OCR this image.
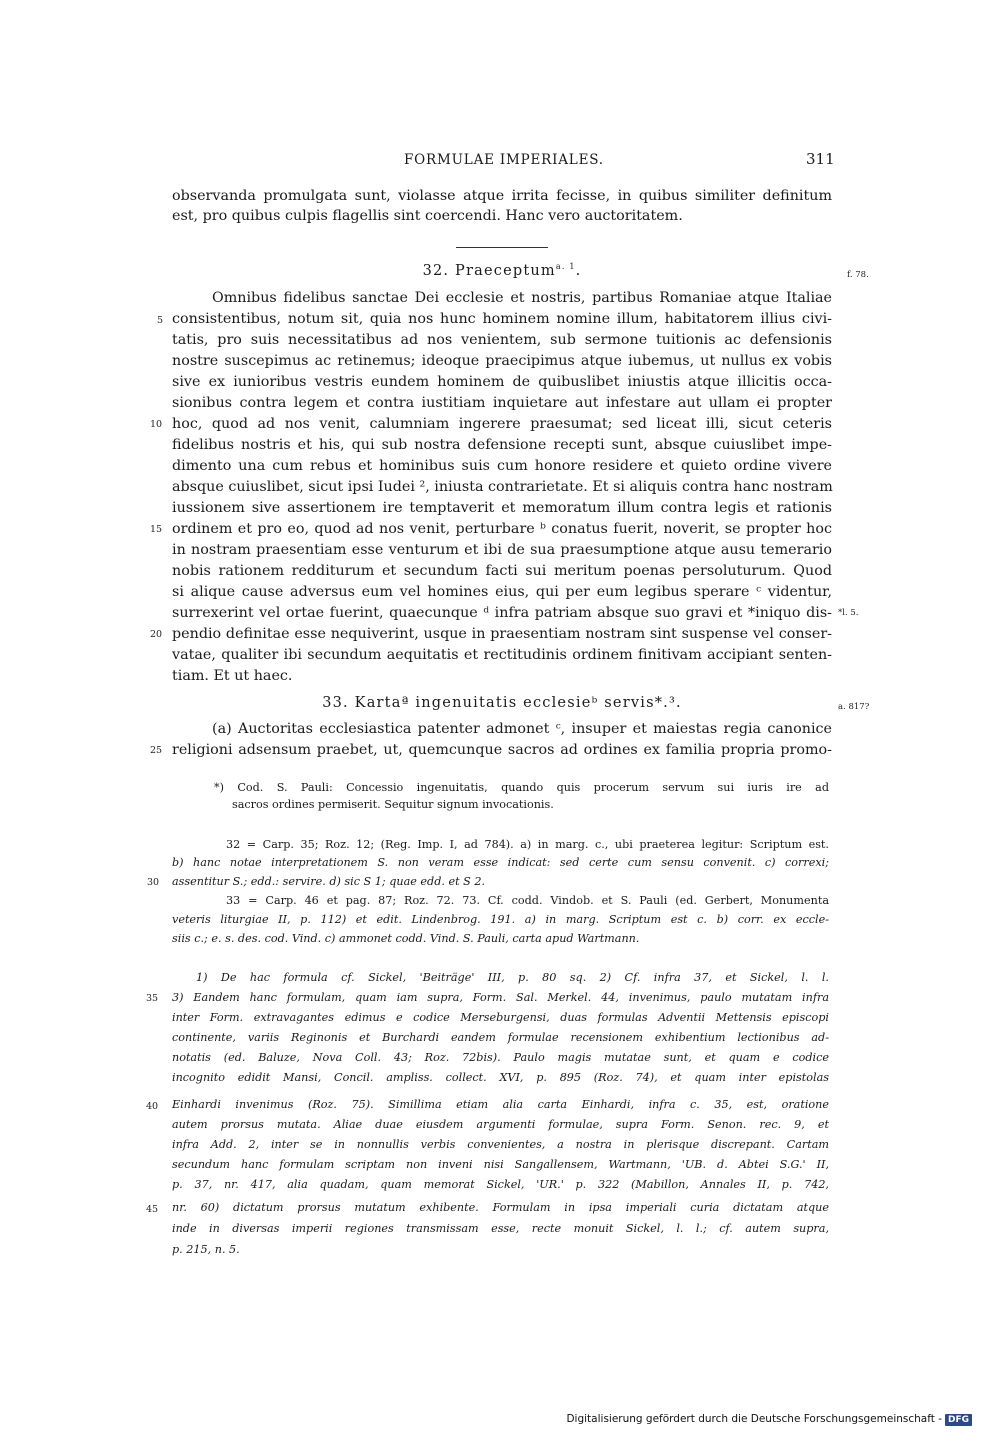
FORMULAE IMPERIALES.	311
observanda promulgata sunt, violasse atque irrita fecisse, in quibus similiter definitum
est, pro quibus culpis flagellis sint coercendi. Hanc vero auctoritatem.
32. Praeceptum$^{a. 1}$.	f. 78.
Omnibus fidelibus sanctae Dei ecclesie et nostris, partibus Romaniae atque Italiae
consistentibus, notum sit, quia nos hunc hominem nomine illum, habitatorem illius civi-
tatis, pro suis necessitatibus ad nos venientem, sub sermone tuitionis ac defensionis
nostre suscepimus ac retinemus; ideoque praecipimus atque iubemus, ut nullus ex vobis
sive ex iunioribus vestris eundem hominem de quibuslibet iniustis atque illicitis occa-
sionibus contra legem et contra iustitiam inquietare aut infestare aut ullam ei propter
hoc, quod ad nos venit, calumniam ingerere praesumat; sed liceat illi, sicut ceteris
fidelibus nostris et his, qui sub nostra defensione recepti sunt, absque cuiuslibet impe-
dimento una cum rebus et hominibus suis cum honore residere et quieto ordine vivere
absque cuiuslibet, sicut ipsi Iudei ², iniusta contrarietate. Et si aliquis contra hanc nostram
iussionem sive assertionem ire temptaverit et memoratum illum contra legis et rationis
ordinem et pro eo, quod ad nos venit, perturbare ᵇ conatus fuerit, noverit, se propter hoc
in nostram praesentiam esse venturum et ibi de sua praesumptione atque ausu temerario
nobis rationem redditurum et secundum facti sui meritum poenas persoluturum. Quod
si alique cause adversus eum vel homines eius, qui per eum legibus sperare ᶜ videntur,
surrexerint vel ortae fuerint, quaecunque ᵈ infra patriam absque suo gravi et *iniquo dis-
pendio definitae esse nequiverint, usque in praesentiam nostram sint suspense vel conser-
vatae, qualiter ibi secundum aequitatis et rectitudinis ordinem finitivam accipiant senten-
tiam. Et ut haec.
5
10
15
20
*l. 5.
33. Kartaª ingenuitatis ecclesieᵇ servis*.³.	a. 817?
(a) Auctoritas ecclesiastica patenter admonet ᶜ, insuper et maiestas regia canonice
religioni adsensum praebet, ut, quemcunque sacros ad ordines ex familia propria promo-
25
*) Cod. S. Pauli: Concessio ingenuitatis, quando quis procerum servum sui iuris ire ad
sacros ordines permiserit. Sequitur signum invocationis.
32 = Carp. 35; Roz. 12; (Reg. Imp. I, ad 784). a) in marg. c., ubi praeterea legitur: Scriptum est.
b) hanc notae interpretationem S. non veram esse indicat: sed certe cum sensu convenit. c) correxi;
assentitur S.; edd.: servire. d) sic S 1; quae edd. et S 2.
30
33 = Carp. 46 et pag. 87; Roz. 72. 73. Cf. codd. Vindob. et S. Pauli (ed. Gerbert, Monumenta
veteris liturgiae II, p. 112) et edit. Lindenbrog. 191. a) in marg. Scriptum est c. b) corr. ex eccle-
siis c.; e. s. des. cod. Vind. c) ammonet codd. Vind. S. Pauli, carta apud Wartmann.
1) De hac formula cf. Sickel, 'Beiträge' III, p. 80 sq. 2) Cf. infra 37, et Sickel, l. l.
3) Eandem hanc formulam, quam iam supra, Form. Sal. Merkel. 44, invenimus, paulo mutatam infra
inter Form. extravagantes edimus e codice Merseburgensi, duas formulas Adventii Mettensis episcopi
continente, variis Reginonis et Burchardi eandem formulae recensionem exhibentium lectionibus ad-
notatis (ed. Baluze, Nova Coll. 43; Roz. 72bis). Paulo magis mutatae sunt, et quam e codice
incognito edidit Mansi, Concil. ampliss. collect. XVI, p. 895 (Roz. 74), et quam inter epistolas
Einhardi invenimus (Roz. 75). Simillima etiam alia carta Einhardi, infra c. 35, est, oratione
autem prorsus mutata. Aliae duae eiusdem argumenti formulae, supra Form. Senon. rec. 9, et
infra Add. 2, inter se in nonnullis verbis convenientes, a nostra in plerisque discrepant. Cartam
secundum hanc formulam scriptam non inveni nisi Sangallensem, Wartmann, 'UB. d. Abtei S.G.' II,
p. 37, nr. 417, alia quadam, quam memorat Sickel, 'UR.' p. 322 (Mabillon, Annales II, p. 742,
nr. 60) dictatum prorsus mutatum exhibente. Formulam in ipsa imperiali curia dictatam atque
inde in diversas imperii regiones transmissam esse, recte monuit Sickel, l. l.; cf. autem supra,
p. 215, n. 5.
35
40
45
Digitalisierung gefördert durch die Deutsche Forschungsgemeinschaft - DFG
